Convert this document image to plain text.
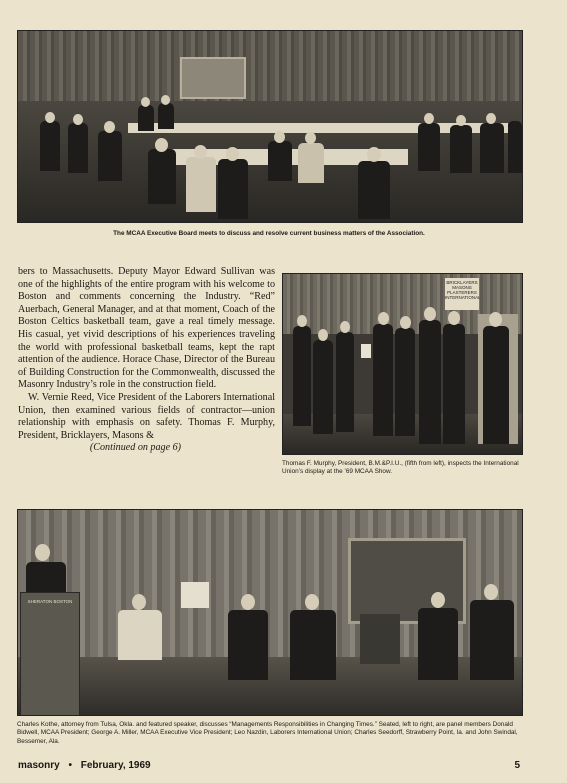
The MCAA Executive Board meets to discuss and resolve current business matters of the Association.

bers to Massachusetts. Deputy Mayor Edward Sullivan was one of the highlights of the entire program with his welcome to Boston and comments concerning the Industry. “Red” Auerbach, General Manager, and at that moment, Coach of the Boston Celtics basketball team, gave a real timely message. His casual, yet vivid descriptions of his experiences traveling the world with professional basketball teams, kept the rapt attention of the audience. Horace Chase, Director of the Bureau of Building Construction for the Commonwealth, discussed the Masonry Industry’s role in the construction field.

W. Vernie Reed, Vice President of the Laborers International Union, then examined various fields of contractor—union relationship with emphasis on safety. Thomas F. Murphy, President, Bricklayers, Masons &

(Continued on page 6)
BRICKLAYERS MASONS PLASTERERS INTERNATIONAL
Thomas F. Murphy, President, B.M.&P.I.U., (fifth from left), inspects the International Union’s display at the ’69 MCAA Show.
SHERATON BOSTON
Charles Kothe, attorney from Tulsa, Okla. and featured speaker, discusses “Managements Responsibilities in Changing Times.” Seated, left to right, are panel members Donald Bidwell, MCAA President; George A. Miller, MCAA Executive Vice President; Leo Nazdin, Laborers International Union; Charles Seedorff, Strawberry Point, Ia. and John Swindal, Bessemer, Ala.
masonry • February, 1969	5
